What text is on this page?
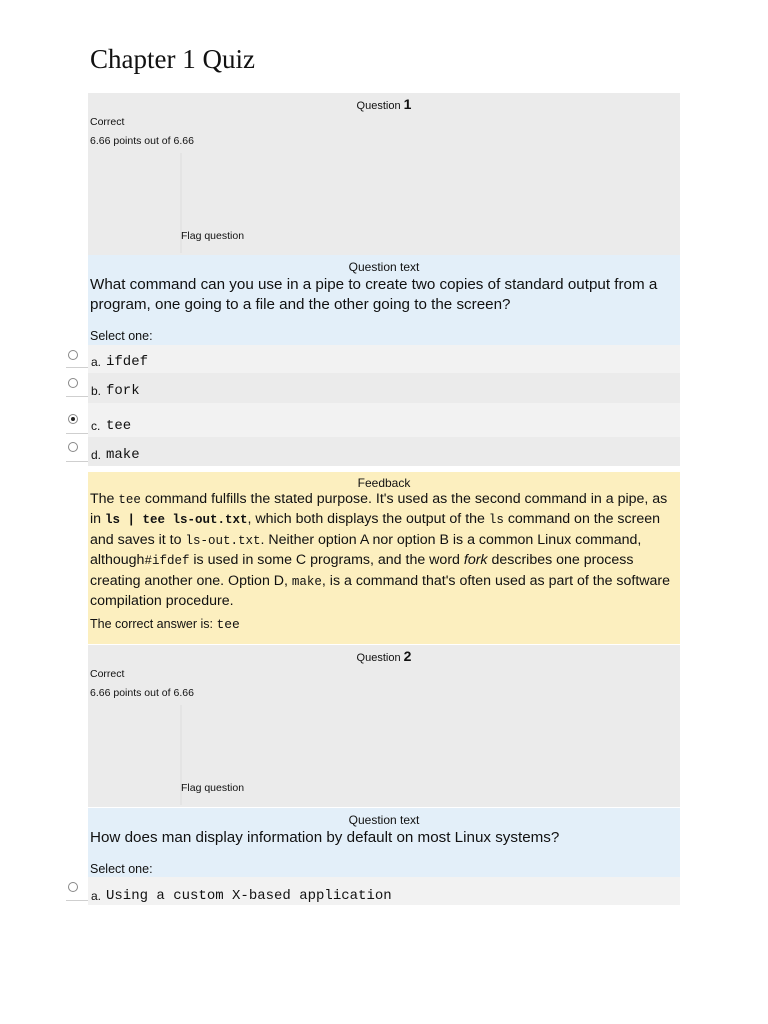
Chapter 1 Quiz
Question 1
Correct
6.66 points out of 6.66
Flag question
Question text
What command can you use in a pipe to create two copies of standard output from a program, one going to a file and the other going to the screen?
Select one:
a. ifdef
b. fork
c. tee
d. make
Feedback
The tee command fulfills the stated purpose. It's used as the second command in a pipe, as in ls | tee ls-out.txt, which both displays the output of the ls command on the screen and saves it to ls-out.txt. Neither option A nor option B is a common Linux command, although#ifdef is used in some C programs, and the word fork describes one process creating another one. Option D, make, is a command that's often used as part of the software compilation procedure.
The correct answer is: tee
Question 2
Correct
6.66 points out of 6.66
Flag question
Question text
How does man display information by default on most Linux systems?
Select one:
a. Using a custom X-based application
